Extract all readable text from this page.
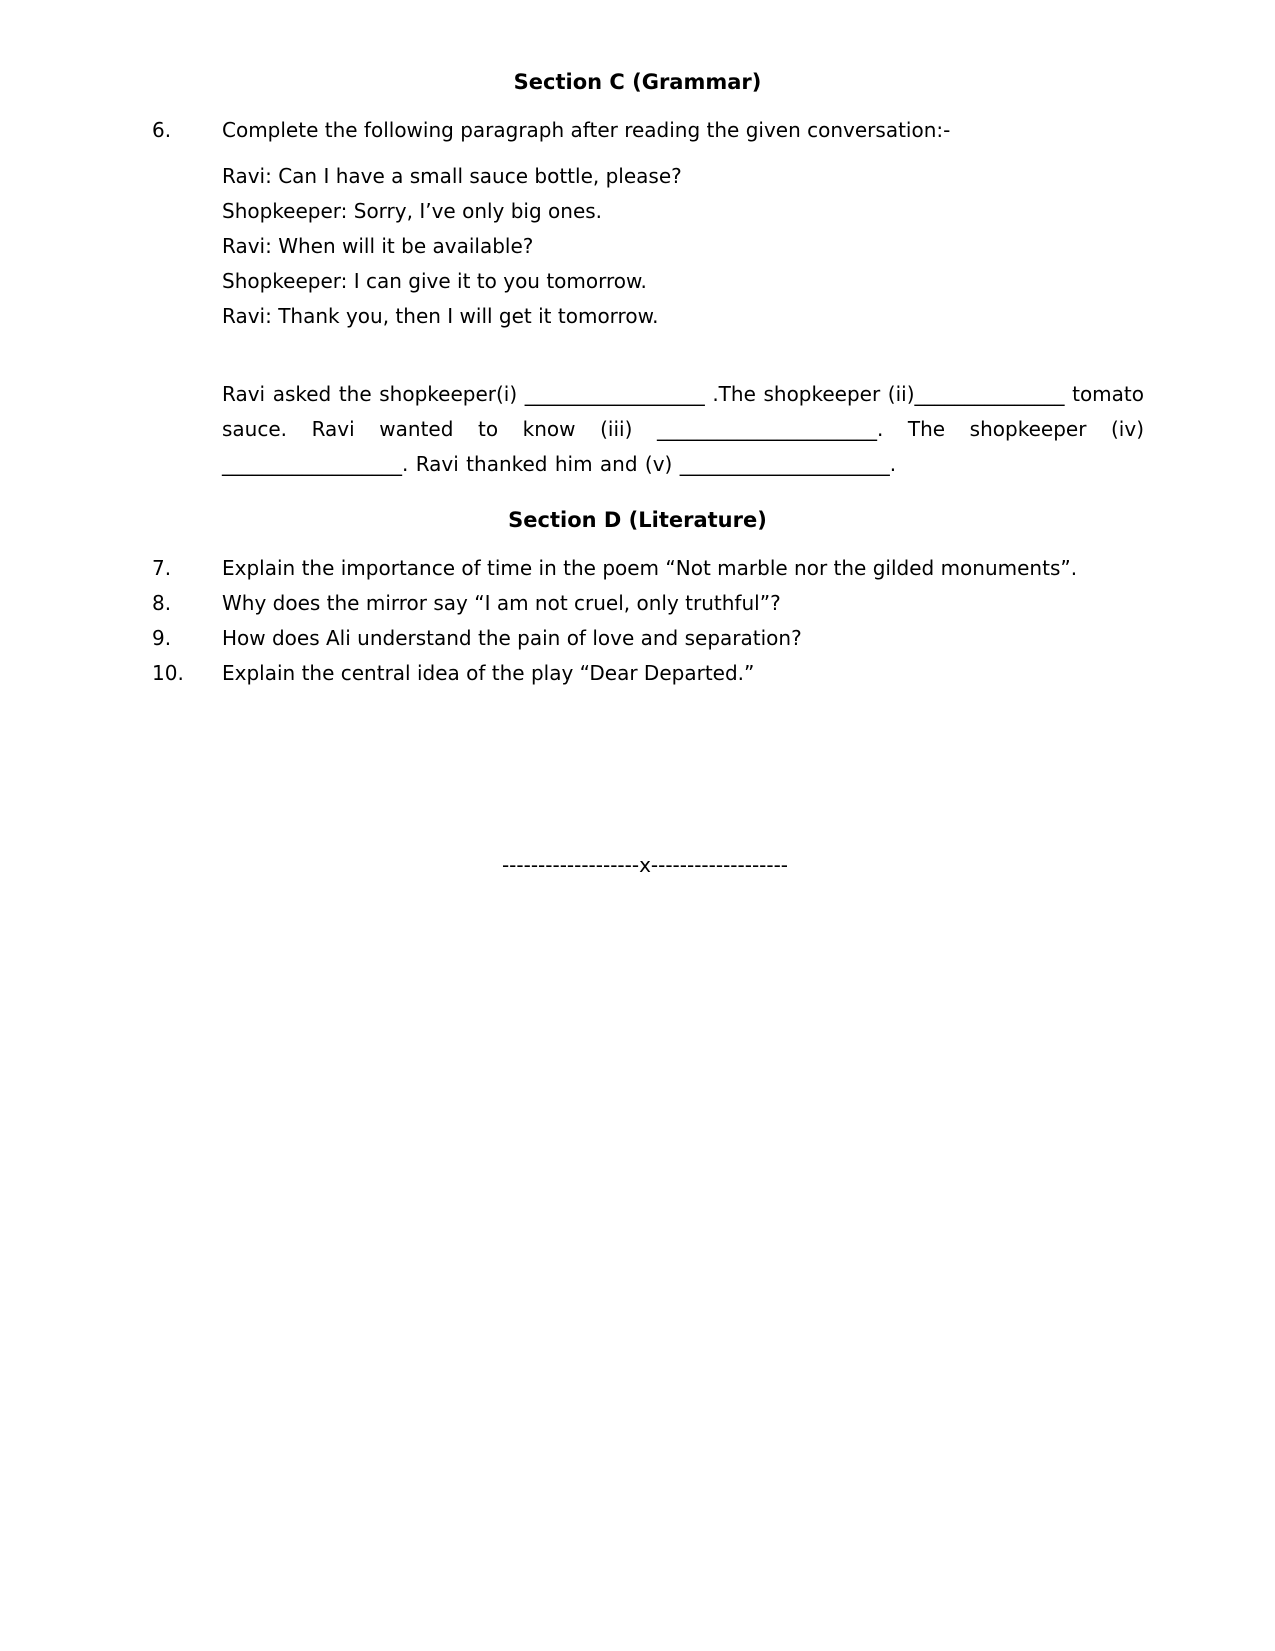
Section C (Grammar)
6.	Complete the following paragraph after reading the given conversation:-
Ravi: Can I have a small sauce bottle, please?
Shopkeeper: Sorry, I’ve only big ones.
Ravi: When will it be available?
Shopkeeper: I can give it to you tomorrow.
Ravi: Thank you, then I will get it tomorrow.
Ravi asked the shopkeeper(i) __________________ .The shopkeeper (ii)_______________ tomato sauce. Ravi wanted to know (iii) ______________________. The shopkeeper (iv) __________________. Ravi thanked him and (v) _____________________.
Section D (Literature)
7.	Explain the importance of time in the poem “Not marble nor the gilded monuments”.
8.	Why does the mirror say “I am not cruel, only truthful”?
9.	How does Ali understand the pain of love and separation?
10. Explain the central idea of the play “Dear Departed.”
-------------------x-------------------
